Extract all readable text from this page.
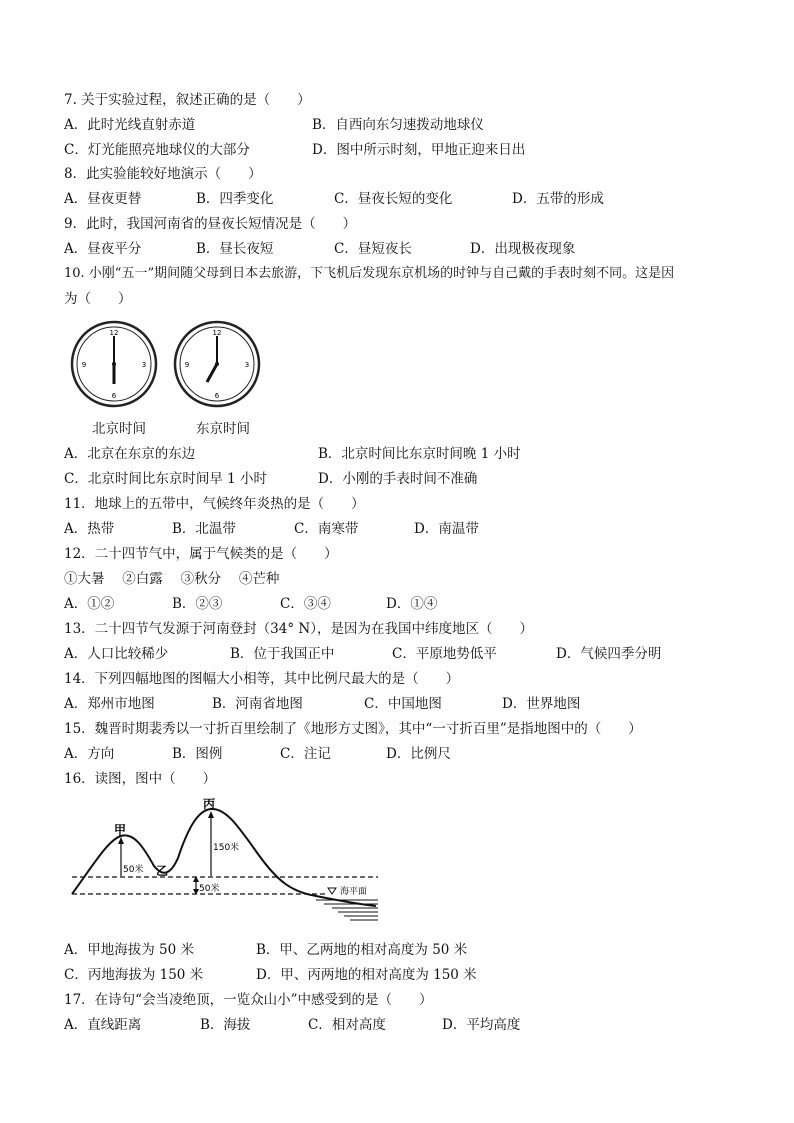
7. 关于实验过程，叙述正确的是（　　）
A．此时光线直射赤道	B．自西向东匀速拨动地球仪
C．灯光能照亮地球仪的大部分	D．图中所示时刻，甲地正迎来日出
8．此实验能较好地演示（　　）
A．昼夜更替	B．四季变化	C．昼夜长短的变化	D．五带的形成
9．此时，我国河南省的昼夜长短情况是（　　）
A．昼夜平分	B．昼长夜短	C．昼短夜长	D．出现极夜现象
10. 小刚“五一”期间随父母到日本去旅游，下飞机后发现东京机场的时钟与自己戴的手表时刻不同。这是因
为（　　）
12
3
6
9
12
3
6
9
北京时间	东京时间
A．北京在东京的东边	B．北京时间比东京时间晚 1 小时
C．北京时间比东京时间早 1 小时	D．小刚的手表时间不准确
11．地球上的五带中，气候终年炎热的是（　　）
A．热带	B．北温带	C．南寒带	D．南温带
12．二十四节气中，属于气候类的是（　　）
①大暑　 ②白露　 ③秋分　 ④芒种
A．①②	B．②③	C．③④	D．①④
13．二十四节气发源于河南登封（34° N），是因为在我国中纬度地区（　　）
A．人口比较稀少	B．位于我国正中	C．平原地势低平	D．气候四季分明
14．下列四幅地图的图幅大小相等，其中比例尺最大的是（　　）
A．郑州市地图	B．河南省地图	C．中国地图	D．世界地图
15．魏晋时期裴秀以一寸折百里绘制了《地形方丈图》，其中“一寸折百里”是指地图中的（　　）
A．方向	B．图例	C．注记	D．比例尺
16．读图，图中（　　）
甲
乙
丙
50米
150米
50米	海平面
A．甲地海拔为 50 米	B．甲、乙两地的相对高度为 50 米
C．丙地海拔为 150 米	D．甲、丙两地的相对高度为 150 米
17．在诗句“会当凌绝顶，一览众山小”中感受到的是（　　）
A．直线距离	B．海拔	C．相对高度	D．平均高度
